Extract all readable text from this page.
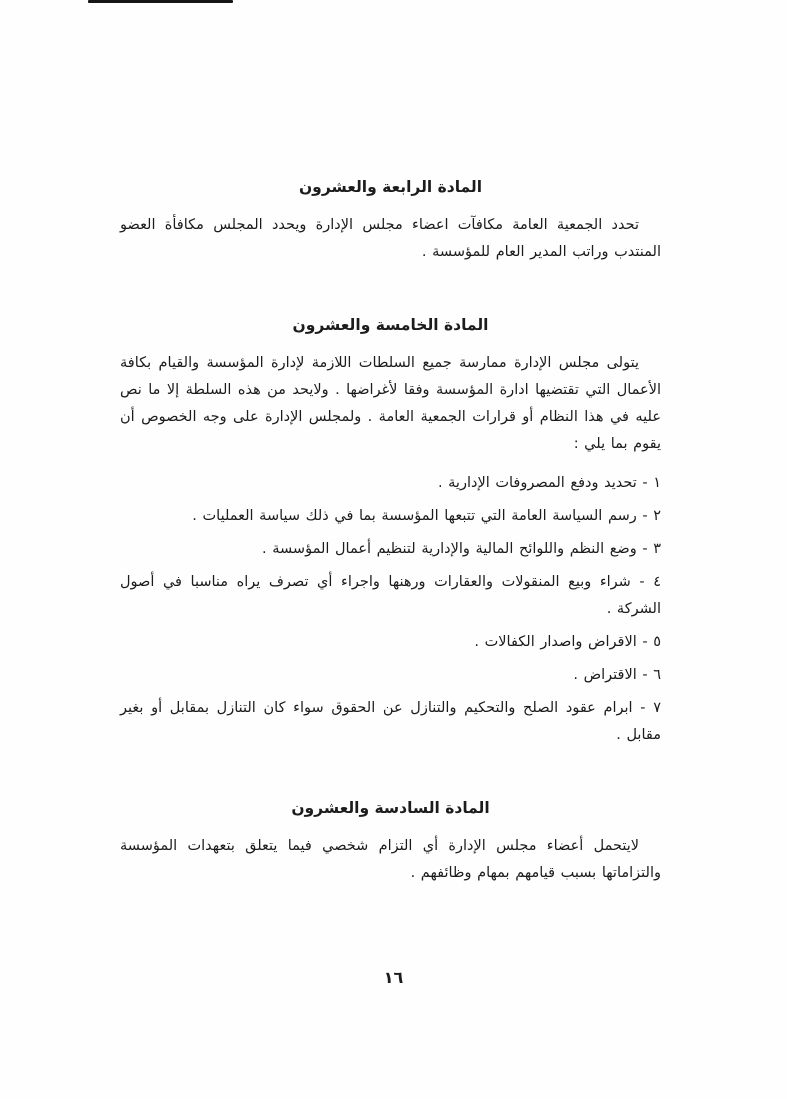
المادة الرابعة والعشرون

تحدد الجمعية العامة مكافآت اعضاء مجلس الإدارة ويحدد المجلس مكافأة العضو المنتدب وراتب المدير العام للمؤسسة .

المادة الخامسة والعشرون

يتولى مجلس الإدارة ممارسة جميع السلطات اللازمة لإدارة المؤسسة والقيام بكافة الأعمال التي تقتضيها ادارة المؤسسة وفقا لأغراضها . ولايحد من هذه السلطة إلا ما نص عليه في هذا النظام أو قرارات الجمعية العامة . ولمجلس الإدارة على وجه الخصوص أن يقوم بما يلي :

١ - تحديد ودفع المصروفات الإدارية .

٢ - رسم السياسة العامة التي تتبعها المؤسسة بما في ذلك سياسة العمليات .

٣ - وضع النظم واللوائح المالية والإدارية لتنظيم أعمال المؤسسة .

٤ - شراء وبيع المنقولات والعقارات ورهنها واجراء أي تصرف يراه مناسبا في أصول الشركة .

٥ - الاقراض واصدار الكفالات .

٦ - الاقتراض .

٧ - ابرام عقود الصلح والتحكيم والتنازل عن الحقوق سواء كان التنازل بمقابل أو بغير مقابل .

المادة السادسة والعشرون

لايتحمل أعضاء مجلس الإدارة أي التزام شخصي فيما يتعلق بتعهدات المؤسسة والتزاماتها بسبب قيامهم بمهام وظائفهم .

١٦
